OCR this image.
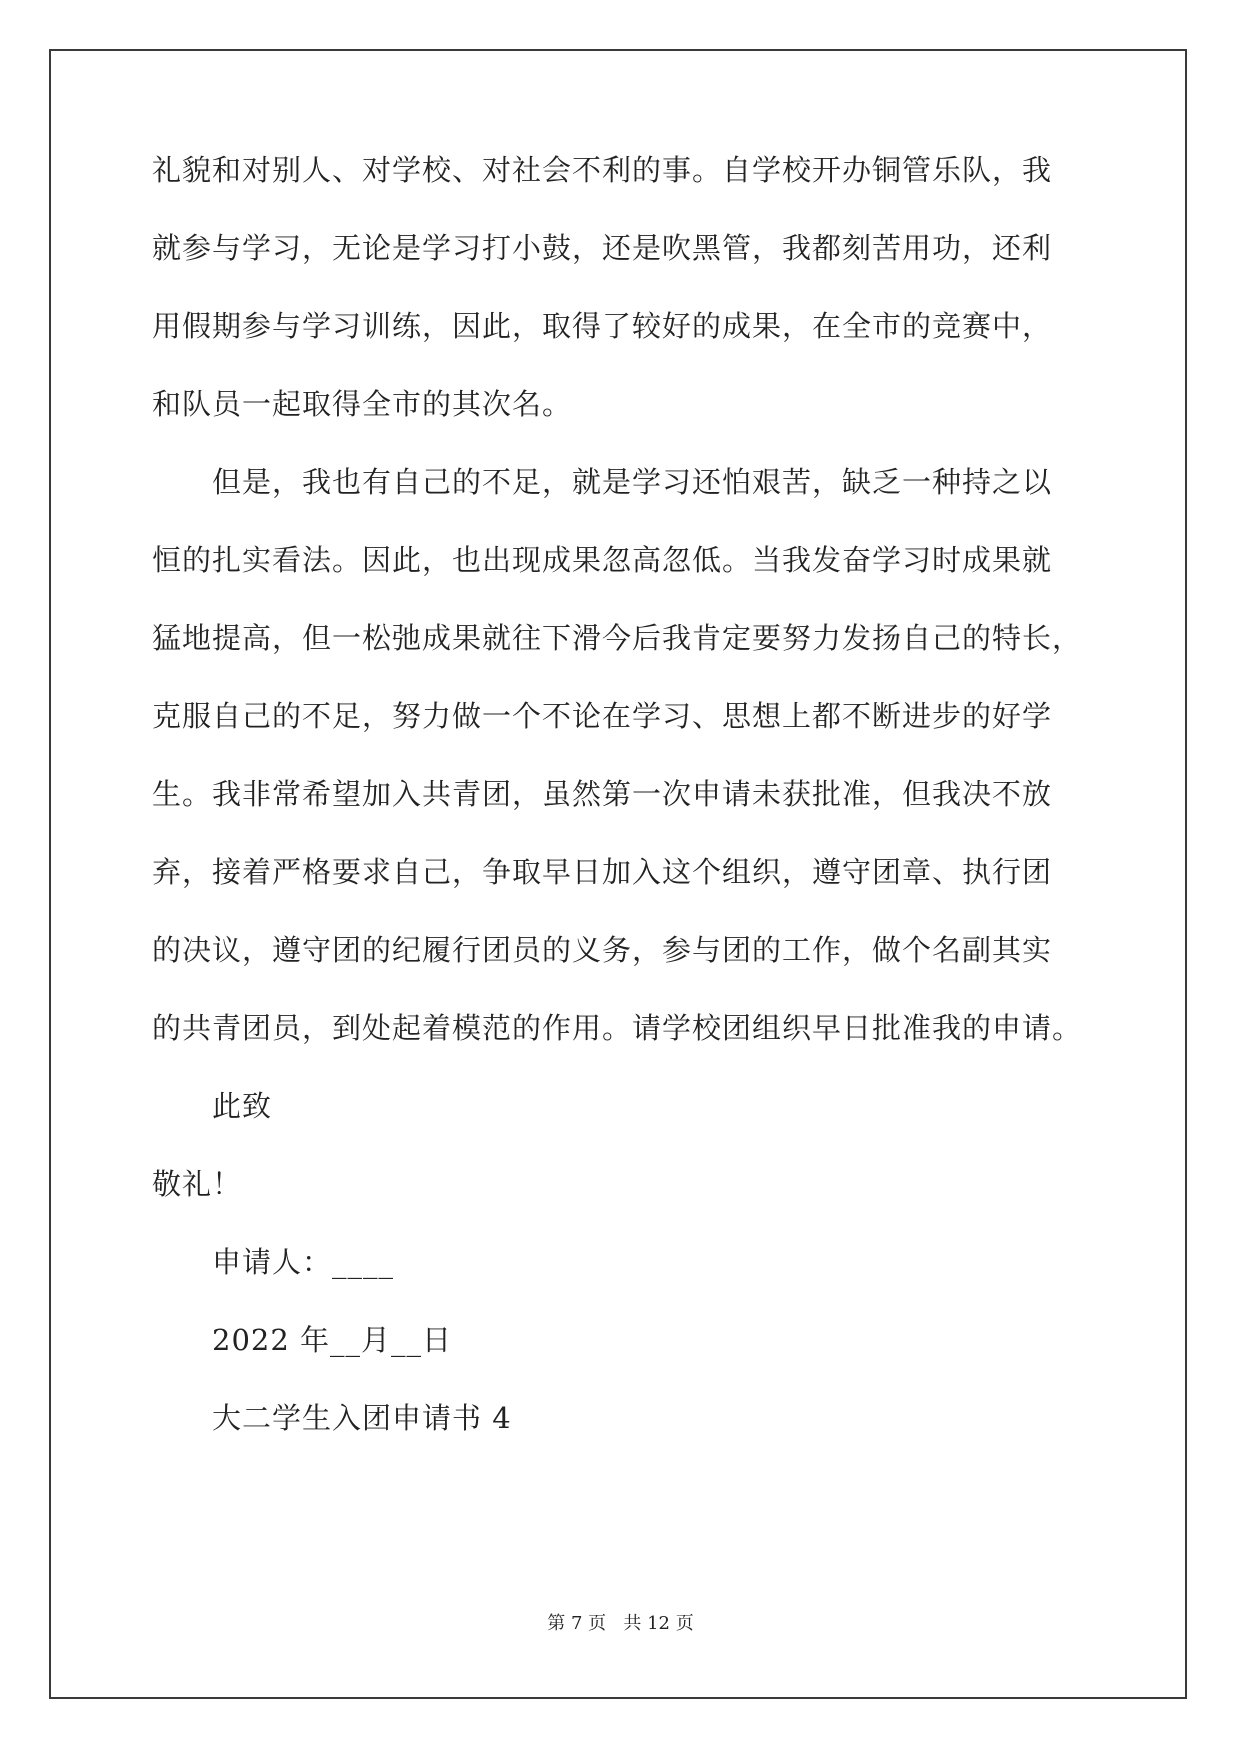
礼貌和对别人、对学校、对社会不利的事。自学校开办铜管乐队，我
就参与学习，无论是学习打小鼓，还是吹黑管，我都刻苦用功，还利
用假期参与学习训练，因此，取得了较好的成果，在全市的竞赛中，
和队员一起取得全市的其次名。
但是，我也有自己的不足，就是学习还怕艰苦，缺乏一种持之以
恒的扎实看法。因此，也出现成果忽高忽低。当我发奋学习时成果就
猛地提高，但一松弛成果就往下滑今后我肯定要努力发扬自己的特长，
克服自己的不足，努力做一个不论在学习、思想上都不断进步的好学
生。我非常希望加入共青团，虽然第一次申请未获批准，但我决不放
弃，接着严格要求自己，争取早日加入这个组织，遵守团章、执行团
的决议，遵守团的纪履行团员的义务，参与团的工作，做个名副其实
的共青团员，到处起着模范的作用。请学校团组织早日批准我的申请。
此致
敬礼！
申请人：____
2022 年__月__日
大二学生入团申请书 4
第 7 页 共 12 页
